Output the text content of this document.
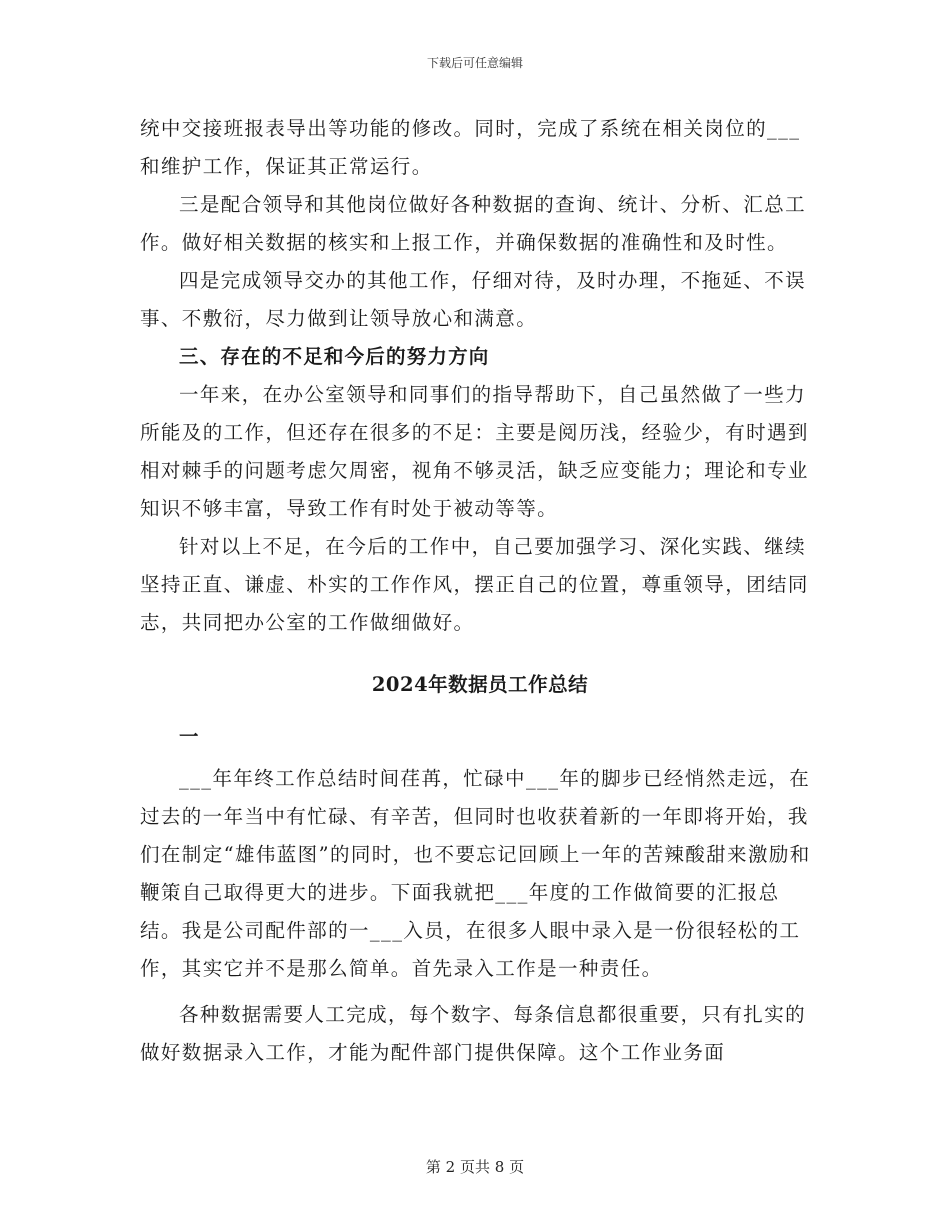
下载后可任意编辑

统中交接班报表导出等功能的修改。同时，完成了系统在相关岗位的___和维护工作，保证其正常运行。

三是配合领导和其他岗位做好各种数据的查询、统计、分析、汇总工作。做好相关数据的核实和上报工作，并确保数据的准确性和及时性。

四是完成领导交办的其他工作，仔细对待，及时办理，不拖延、不误事、不敷衍，尽力做到让领导放心和满意。

三、存在的不足和今后的努力方向

一年来，在办公室领导和同事们的指导帮助下，自己虽然做了一些力所能及的工作，但还存在很多的不足：主要是阅历浅，经验少，有时遇到相对棘手的问题考虑欠周密，视角不够灵活，缺乏应变能力；理论和专业知识不够丰富，导致工作有时处于被动等等。

针对以上不足，在今后的工作中，自己要加强学习、深化实践、继续坚持正直、谦虚、朴实的工作作风，摆正自己的位置，尊重领导，团结同志，共同把办公室的工作做细做好。

2024年数据员工作总结

一

___年年终工作总结时间荏苒，忙碌中___年的脚步已经悄然走远，在过去的一年当中有忙碌、有辛苦，但同时也收获着新的一年即将开始，我们在制定“雄伟蓝图”的同时，也不要忘记回顾上一年的苦辣酸甜来激励和鞭策自己取得更大的进步。下面我就把___年度的工作做简要的汇报总结。我是公司配件部的一___入员，在很多人眼中录入是一份很轻松的工作，其实它并不是那么简单。首先录入工作是一种责任。

各种数据需要人工完成，每个数字、每条信息都很重要，只有扎实的做好数据录入工作，才能为配件部门提供保障。这个工作业务面

第 2 页共 8 页
